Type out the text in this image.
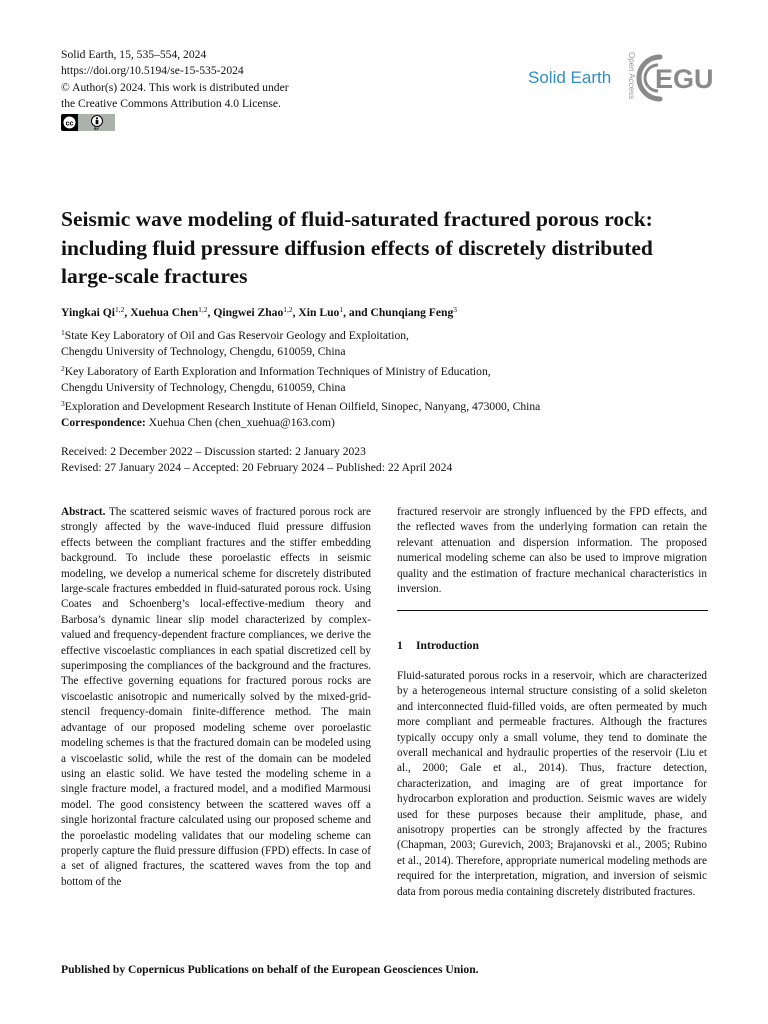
Solid Earth, 15, 535–554, 2024
https://doi.org/10.5194/se-15-535-2024
© Author(s) 2024. This work is distributed under
the Creative Commons Attribution 4.0 License.
cc
BY
Solid Earth Open Access EGU
Seismic wave modeling of fluid-saturated fractured porous rock: including fluid pressure diffusion effects of discretely distributed large-scale fractures
Yingkai Qi$^{1,2}$, Xuehua Chen$^{1,2}$, Qingwei Zhao$^{1,2}$, Xin Luo$^1$, and Chunqiang Feng$^3$
$^1$State Key Laboratory of Oil and Gas Reservoir Geology and Exploitation,
Chengdu University of Technology, Chengdu, 610059, China
$^2$Key Laboratory of Earth Exploration and Information Techniques of Ministry of Education,
Chengdu University of Technology, Chengdu, 610059, China
$^3$Exploration and Development Research Institute of Henan Oilfield, Sinopec, Nanyang, 473000, China
Correspondence: Xuehua Chen (chen_xuehua@163.com)
Received: 2 December 2022 – Discussion started: 2 January 2023
Revised: 27 January 2024 – Accepted: 20 February 2024 – Published: 22 April 2024
Abstract. The scattered seismic waves of fractured porous rock are strongly affected by the wave-induced fluid pressure diffusion effects between the compliant fractures and the stiffer embedding background. To include these poroelastic effects in seismic modeling, we develop a numerical scheme for discretely distributed large-scale fractures embedded in fluid-saturated porous rock. Using Coates and Schoenberg’s local-effective-medium theory and Barbosa’s dynamic linear slip model characterized by complex-valued and frequency-dependent fracture compliances, we derive the effective viscoelastic compliances in each spatial discretized cell by superimposing the compliances of the background and the fractures. The effective governing equations for fractured porous rocks are viscoelastic anisotropic and numerically solved by the mixed-grid-stencil frequency-domain finite-difference method. The main advantage of our proposed modeling scheme over poroelastic modeling schemes is that the fractured domain can be modeled using a viscoelastic solid, while the rest of the domain can be modeled using an elastic solid. We have tested the modeling scheme in a single fracture model, a fractured model, and a modified Marmousi model. The good consistency between the scattered waves off a single horizontal fracture calculated using our proposed scheme and the poroelastic modeling validates that our modeling scheme can properly capture the fluid pressure diffusion (FPD) effects. In case of a set of aligned fractures, the scattered waves from the top and bottom of the
fractured reservoir are strongly influenced by the FPD effects, and the reflected waves from the underlying formation can retain the relevant attenuation and dispersion information. The proposed numerical modeling scheme can also be used to improve migration quality and the estimation of fracture mechanical characteristics in inversion.
1 Introduction
Fluid-saturated porous rocks in a reservoir, which are characterized by a heterogeneous internal structure consisting of a solid skeleton and interconnected fluid-filled voids, are often permeated by much more compliant and permeable fractures. Although the fractures typically occupy only a small volume, they tend to dominate the overall mechanical and hydraulic properties of the reservoir (Liu et al., 2000; Gale et al., 2014). Thus, fracture detection, characterization, and imaging are of great importance for hydrocarbon exploration and production. Seismic waves are widely used for these purposes because their amplitude, phase, and anisotropy properties can be strongly affected by the fractures (Chapman, 2003; Gurevich, 2003; Brajanovski et al., 2005; Rubino et al., 2014). Therefore, appropriate numerical modeling methods are required for the interpretation, migration, and inversion of seismic data from porous media containing discretely distributed fractures.
Published by Copernicus Publications on behalf of the European Geosciences Union.
